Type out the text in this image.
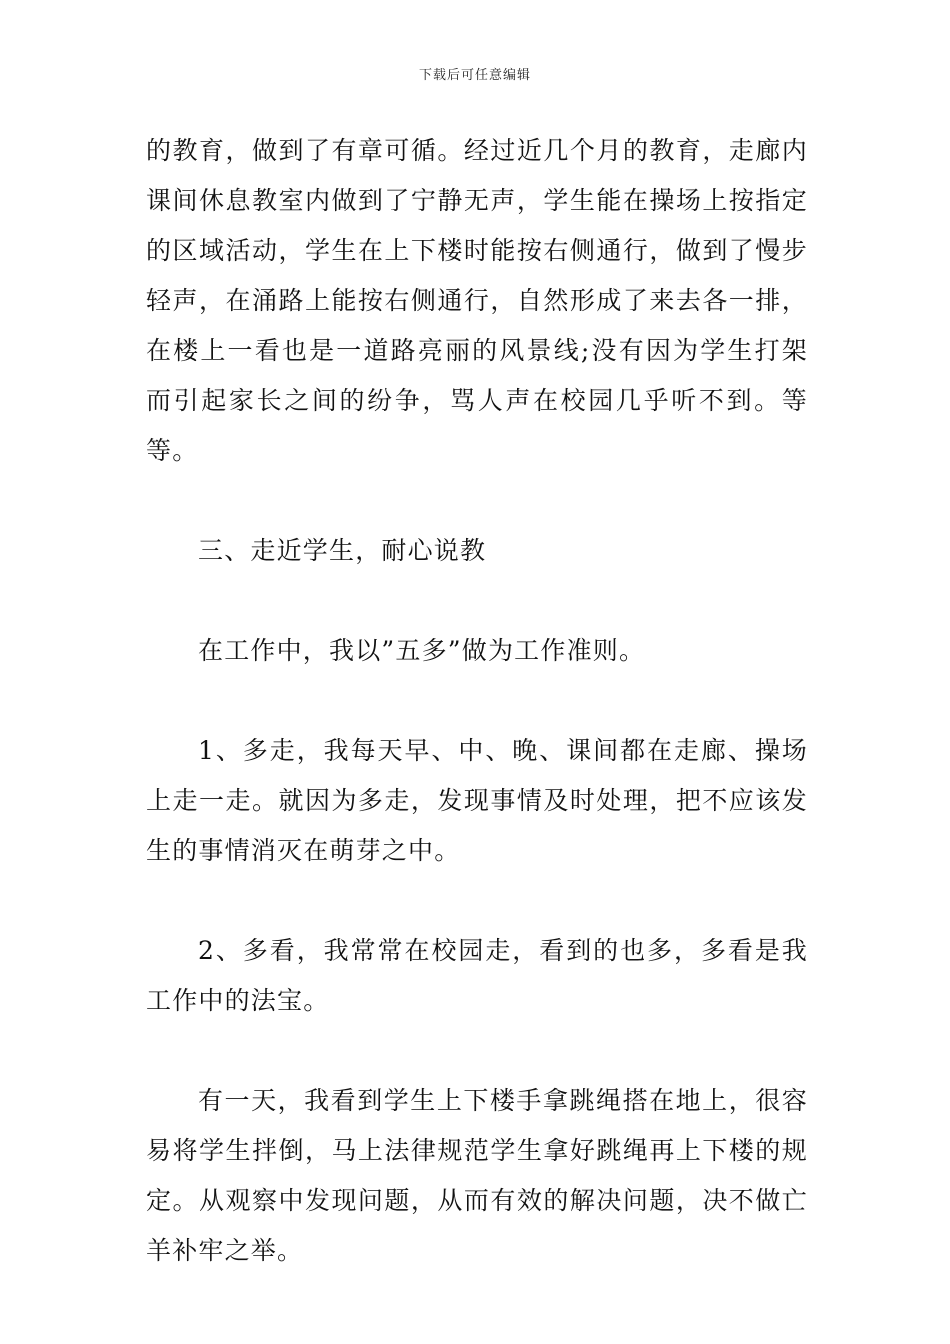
下载后可任意编辑

的教育，做到了有章可循。经过近几个月的教育，走廊内课间休息教室内做到了宁静无声，学生能在操场上按指定的区域活动，学生在上下楼时能按右侧通行，做到了慢步轻声，在涌路上能按右侧通行，自然形成了来去各一排，在楼上一看也是一道路亮丽的风景线;没有因为学生打架而引起家长之间的纷争，骂人声在校园几乎听不到。等等。

三、走近学生，耐心说教

在工作中，我以”五多”做为工作准则。

1、多走，我每天早、中、晚、课间都在走廊、操场上走一走。就因为多走，发现事情及时处理，把不应该发生的事情消灭在萌芽之中。

2、多看，我常常在校园走，看到的也多，多看是我工作中的法宝。

有一天，我看到学生上下楼手拿跳绳搭在地上，很容易将学生拌倒，马上法律规范学生拿好跳绳再上下楼的规定。从观察中发现问题，从而有效的解决问题，决不做亡羊补牢之举。
